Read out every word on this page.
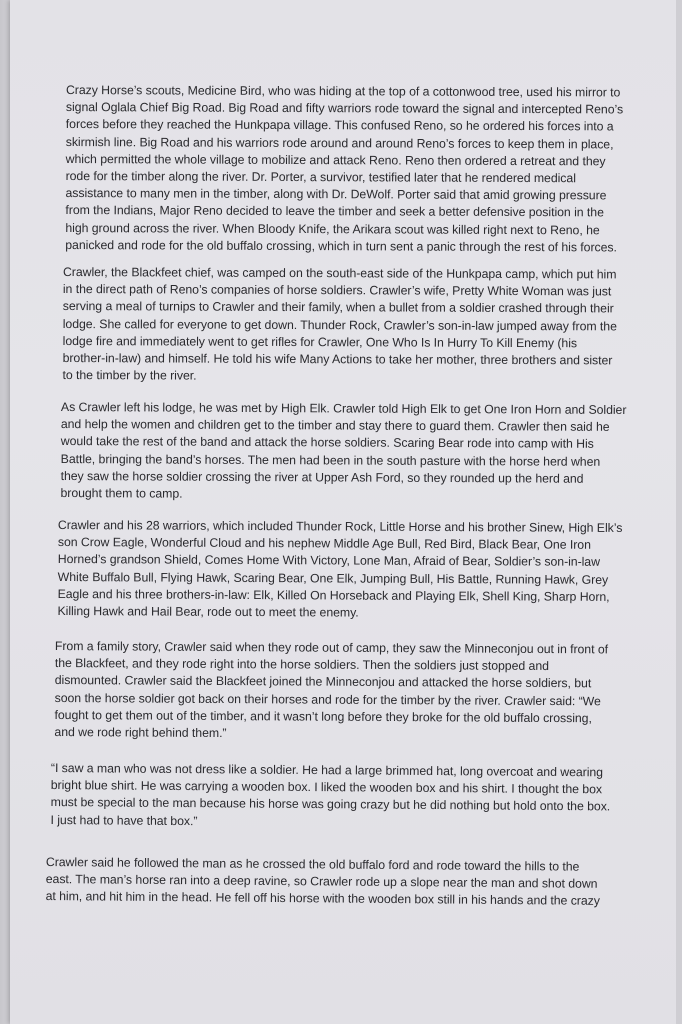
Crazy Horse’s scouts, Medicine Bird, who was hiding at the top of a cottonwood tree, used his mirror to
signal Oglala Chief Big Road. Big Road and fifty warriors rode toward the signal and intercepted Reno’s
forces before they reached the Hunkpapa village. This confused Reno, so he ordered his forces into a
skirmish line. Big Road and his warriors rode around and around Reno’s forces to keep them in place,
which permitted the whole village to mobilize and attack Reno. Reno then ordered a retreat and they
rode for the timber along the river. Dr. Porter, a survivor, testified later that he rendered medical
assistance to many men in the timber, along with Dr. DeWolf. Porter said that amid growing pressure
from the Indians, Major Reno decided to leave the timber and seek a better defensive position in the
high ground across the river. When Bloody Knife, the Arikara scout was killed right next to Reno, he
panicked and rode for the old buffalo crossing, which in turn sent a panic through the rest of his forces.
Crawler, the Blackfeet chief, was camped on the south-east side of the Hunkpapa camp, which put him
in the direct path of Reno’s companies of horse soldiers. Crawler’s wife, Pretty White Woman was just
serving a meal of turnips to Crawler and their family, when a bullet from a soldier crashed through their
lodge. She called for everyone to get down. Thunder Rock, Crawler’s son-in-law jumped away from the
lodge fire and immediately went to get rifles for Crawler, One Who Is In Hurry To Kill Enemy (his
brother-in-law) and himself. He told his wife Many Actions to take her mother, three brothers and sister
to the timber by the river.
As Crawler left his lodge, he was met by High Elk. Crawler told High Elk to get One Iron Horn and Soldier
and help the women and children get to the timber and stay there to guard them. Crawler then said he
would take the rest of the band and attack the horse soldiers. Scaring Bear rode into camp with His
Battle, bringing the band’s horses. The men had been in the south pasture with the horse herd when
they saw the horse soldier crossing the river at Upper Ash Ford, so they rounded up the herd and
brought them to camp.
Crawler and his 28 warriors, which included Thunder Rock, Little Horse and his brother Sinew, High Elk’s
son Crow Eagle, Wonderful Cloud and his nephew Middle Age Bull, Red Bird, Black Bear, One Iron
Horned’s grandson Shield, Comes Home With Victory, Lone Man, Afraid of Bear, Soldier’s son-in-law
White Buffalo Bull, Flying Hawk, Scaring Bear, One Elk, Jumping Bull, His Battle, Running Hawk, Grey
Eagle and his three brothers-in-law: Elk, Killed On Horseback and Playing Elk, Shell King, Sharp Horn,
Killing Hawk and Hail Bear, rode out to meet the enemy.
From a family story, Crawler said when they rode out of camp, they saw the Minneconjou out in front of
the Blackfeet, and they rode right into the horse soldiers. Then the soldiers just stopped and
dismounted. Crawler said the Blackfeet joined the Minneconjou and attacked the horse soldiers, but
soon the horse soldier got back on their horses and rode for the timber by the river. Crawler said: “We
fought to get them out of the timber, and it wasn’t long before they broke for the old buffalo crossing,
and we rode right behind them.”
“I saw a man who was not dress like a soldier. He had a large brimmed hat, long overcoat and wearing
bright blue shirt. He was carrying a wooden box. I liked the wooden box and his shirt. I thought the box
must be special to the man because his horse was going crazy but he did nothing but hold onto the box.
I just had to have that box.”
Crawler said he followed the man as he crossed the old buffalo ford and rode toward the hills to the
east. The man’s horse ran into a deep ravine, so Crawler rode up a slope near the man and shot down
at him, and hit him in the head. He fell off his horse with the wooden box still in his hands and the crazy
